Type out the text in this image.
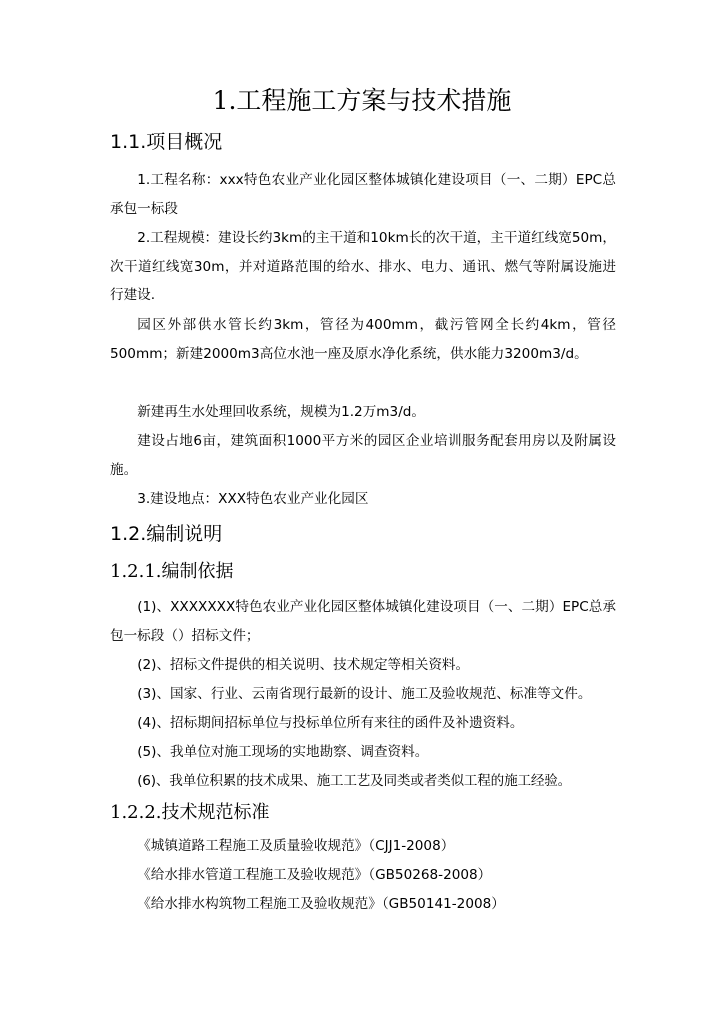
1.工程施工方案与技术措施
1.1.项目概况
1.工程名称：xxx特色农业产业化园区整体城镇化建设项目（一、二期）EPC总承包一标段
2.工程规模：建设长约3km的主干道和10km长的次干道，主干道红线宽50m，次干道红线宽30m，并对道路范围的给水、排水、电力、通讯、燃气等附属设施进行建设.
园区外部供水管长约3km，管径为400mm，截污管网全长约4km，管径500mm；新建2000m3高位水池一座及原水净化系统，供水能力3200m3/d。
新建再生水处理回收系统，规模为1.2万m3/d。
建设占地6亩，建筑面积1000平方米的园区企业培训服务配套用房以及附属设施。
3.建设地点：XXX特色农业产业化园区
1.2.编制说明
1.2.1.编制依据
(1)、XXXXXXX特色农业产业化园区整体城镇化建设项目（一、二期）EPC总承包一标段（）招标文件；
(2)、招标文件提供的相关说明、技术规定等相关资料。
(3)、国家、行业、云南省现行最新的设计、施工及验收规范、标准等文件。
(4)、招标期间招标单位与投标单位所有来往的函件及补遗资料。
(5)、我单位对施工现场的实地勘察、调查资料。
(6)、我单位积累的技术成果、施工工艺及同类或者类似工程的施工经验。
1.2.2.技术规范标准
《城镇道路工程施工及质量验收规范》（CJJ1-2008）
《给水排水管道工程施工及验收规范》（GB50268-2008）
《给水排水构筑物工程施工及验收规范》（GB50141-2008）
